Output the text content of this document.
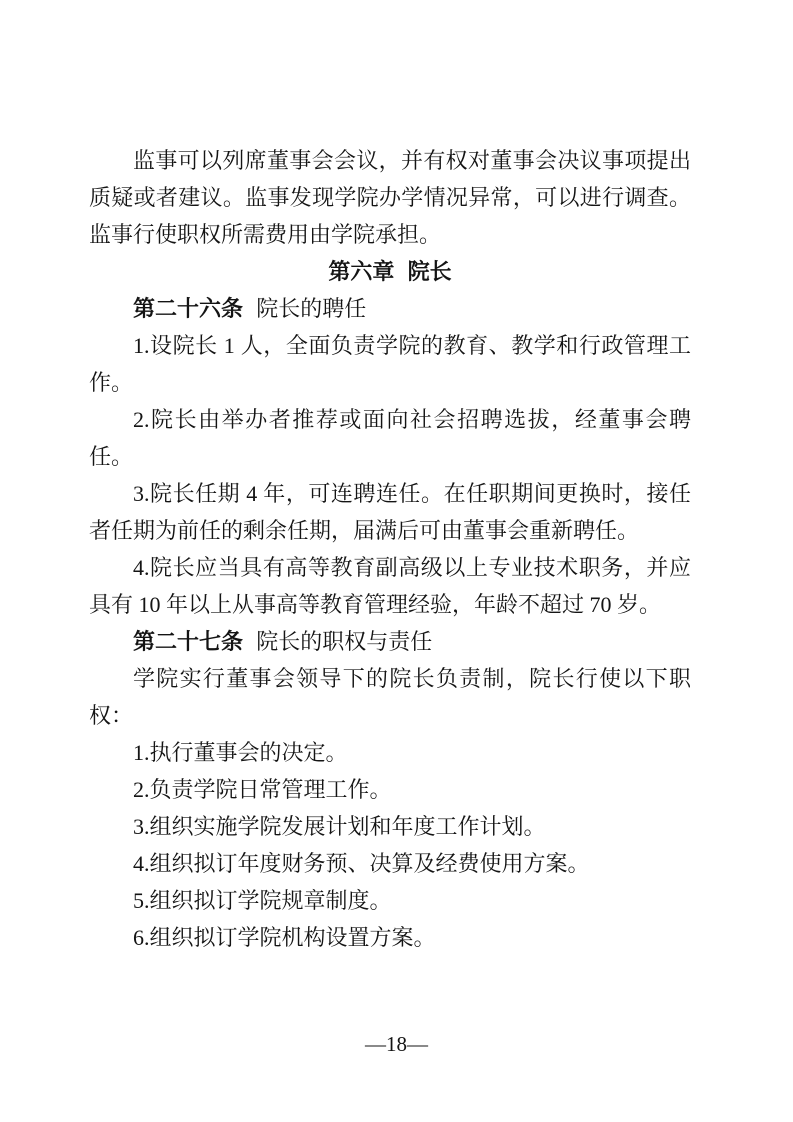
监事可以列席董事会会议，并有权对董事会决议事项提出质疑或者建议。监事发现学院办学情况异常，可以进行调查。监事行使职权所需费用由学院承担。

第六章 院长

第二十六条 院长的聘任

1.设院长 1 人，全面负责学院的教育、教学和行政管理工作。

2.院长由举办者推荐或面向社会招聘选拔，经董事会聘任。

3.院长任期 4 年，可连聘连任。在任职期间更换时，接任者任期为前任的剩余任期，届满后可由董事会重新聘任。

4.院长应当具有高等教育副高级以上专业技术职务，并应具有 10 年以上从事高等教育管理经验，年龄不超过 70 岁。

第二十七条 院长的职权与责任

学院实行董事会领导下的院长负责制，院长行使以下职权：

1.执行董事会的决定。

2.负责学院日常管理工作。

3.组织实施学院发展计划和年度工作计划。

4.组织拟订年度财务预、决算及经费使用方案。

5.组织拟订学院规章制度。

6.组织拟订学院机构设置方案。

—18—
